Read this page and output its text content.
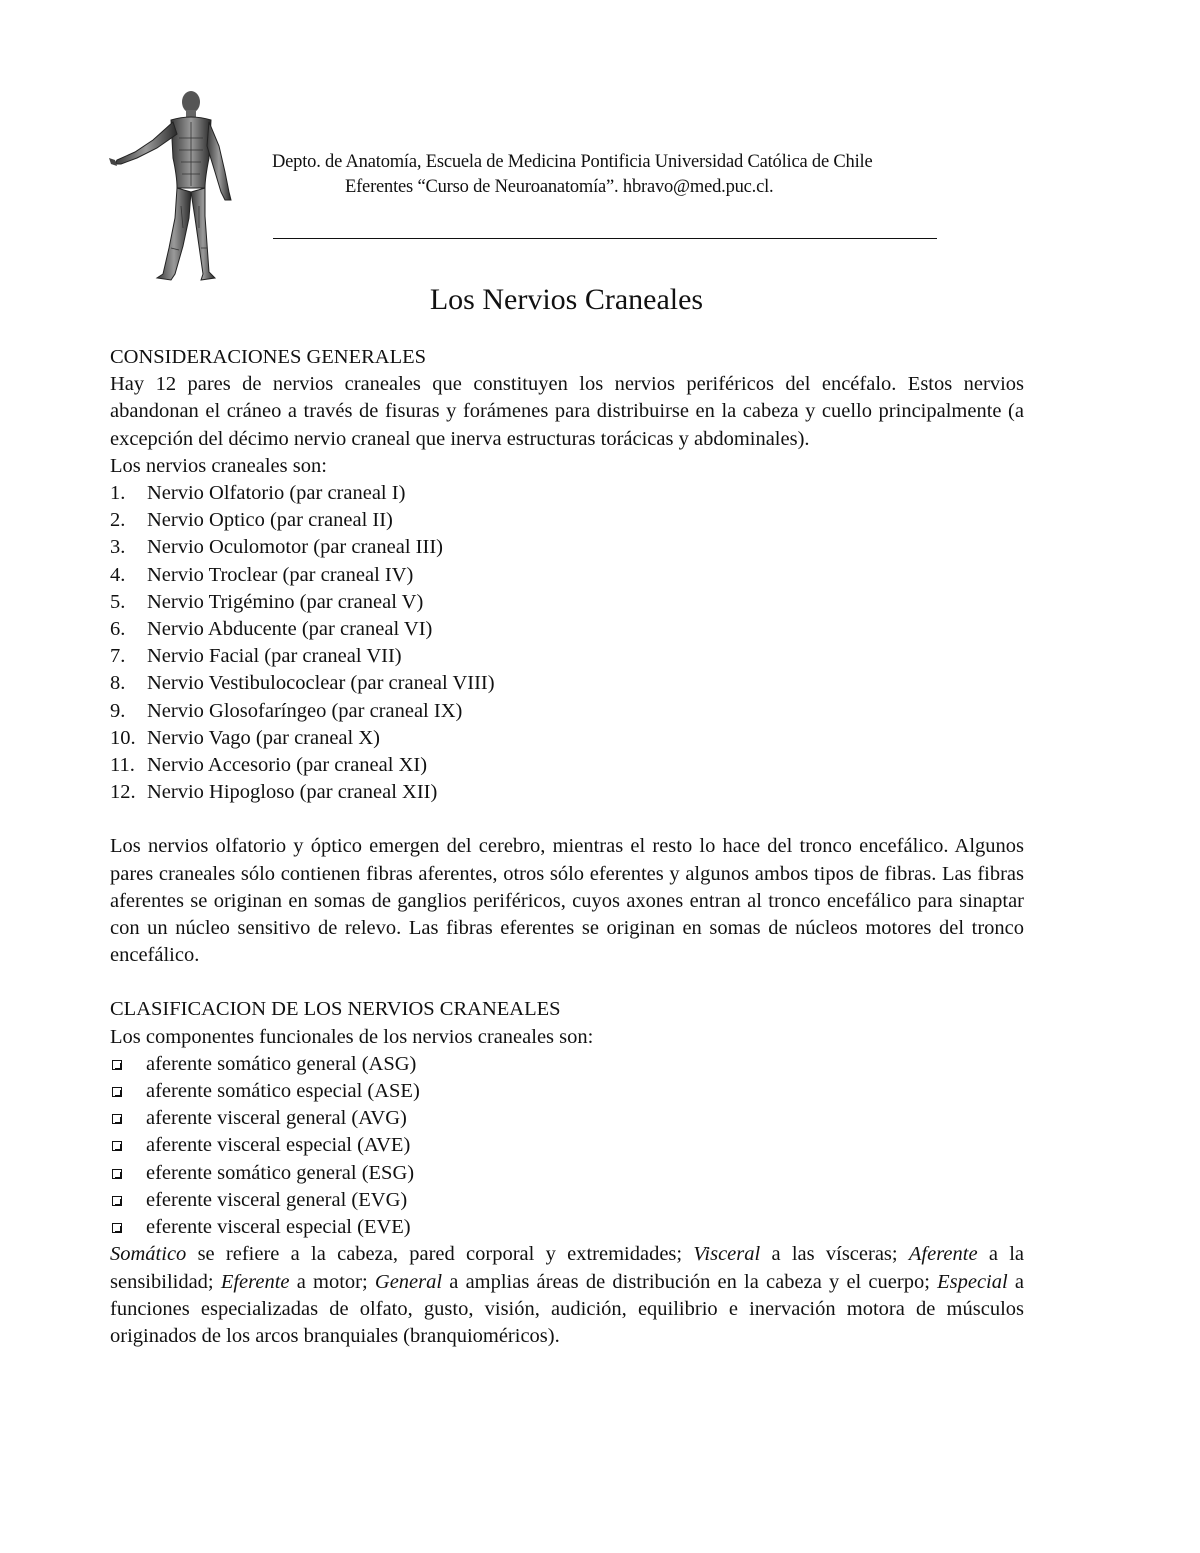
Depto. de Anatomía, Escuela de Medicina Pontificia Universidad Católica de Chile
Eferentes “Curso de Neuroanatomía”. hbravo@med.puc.cl.
Los Nervios Craneales
CONSIDERACIONES GENERALES

Hay 12 pares de nervios craneales que constituyen los nervios periféricos del encéfalo. Estos nervios abandonan el cráneo a través de fisuras y forámenes para distribuirse en la cabeza y cuello principalmente (a excepción del décimo nervio craneal que inerva estructuras torácicas y abdominales).

Los nervios craneales son:
1.	Nervio Olfatorio (par craneal I)
2.	Nervio Optico (par craneal II)
3.	Nervio Oculomotor (par craneal III)
4.	Nervio Troclear (par craneal IV)
5.	Nervio Trigémino (par craneal V)
6.	Nervio Abducente (par craneal VI)
7.	Nervio Facial (par craneal VII)
8.	Nervio Vestibulococlear (par craneal VIII)
9.	Nervio Glosofaríngeo (par craneal IX)
10. Nervio Vago (par craneal X)
11. Nervio Accesorio (par craneal XI)
12. Nervio Hipogloso (par craneal XII)

Los nervios olfatorio y óptico emergen del cerebro, mientras el resto lo hace del tronco encefálico. Algunos pares craneales sólo contienen fibras aferentes, otros sólo eferentes y algunos ambos tipos de fibras. Las fibras aferentes se originan en somas de ganglios periféricos, cuyos axones entran al tronco encefálico para sinaptar con un núcleo sensitivo de relevo. Las fibras eferentes se originan en somas de núcleos motores del tronco encefálico.

CLASIFICACION DE LOS NERVIOS CRANEALES
Los componentes funcionales de los nervios craneales son:
aferente somático general (ASG)
aferente somático especial (ASE)
aferente visceral general (AVG)
aferente visceral especial (AVE)
eferente somático general (ESG)
eferente visceral general (EVG)
eferente visceral especial (EVE)

Somático se refiere a la cabeza, pared corporal y extremidades; Visceral a las vísceras; Aferente a la sensibilidad; Eferente a motor; General a amplias áreas de distribución en la cabeza y el cuerpo; Especial a funciones especializadas de olfato, gusto, visión, audición, equilibrio e inervación motora de músculos originados de los arcos branquiales (branquioméricos).
